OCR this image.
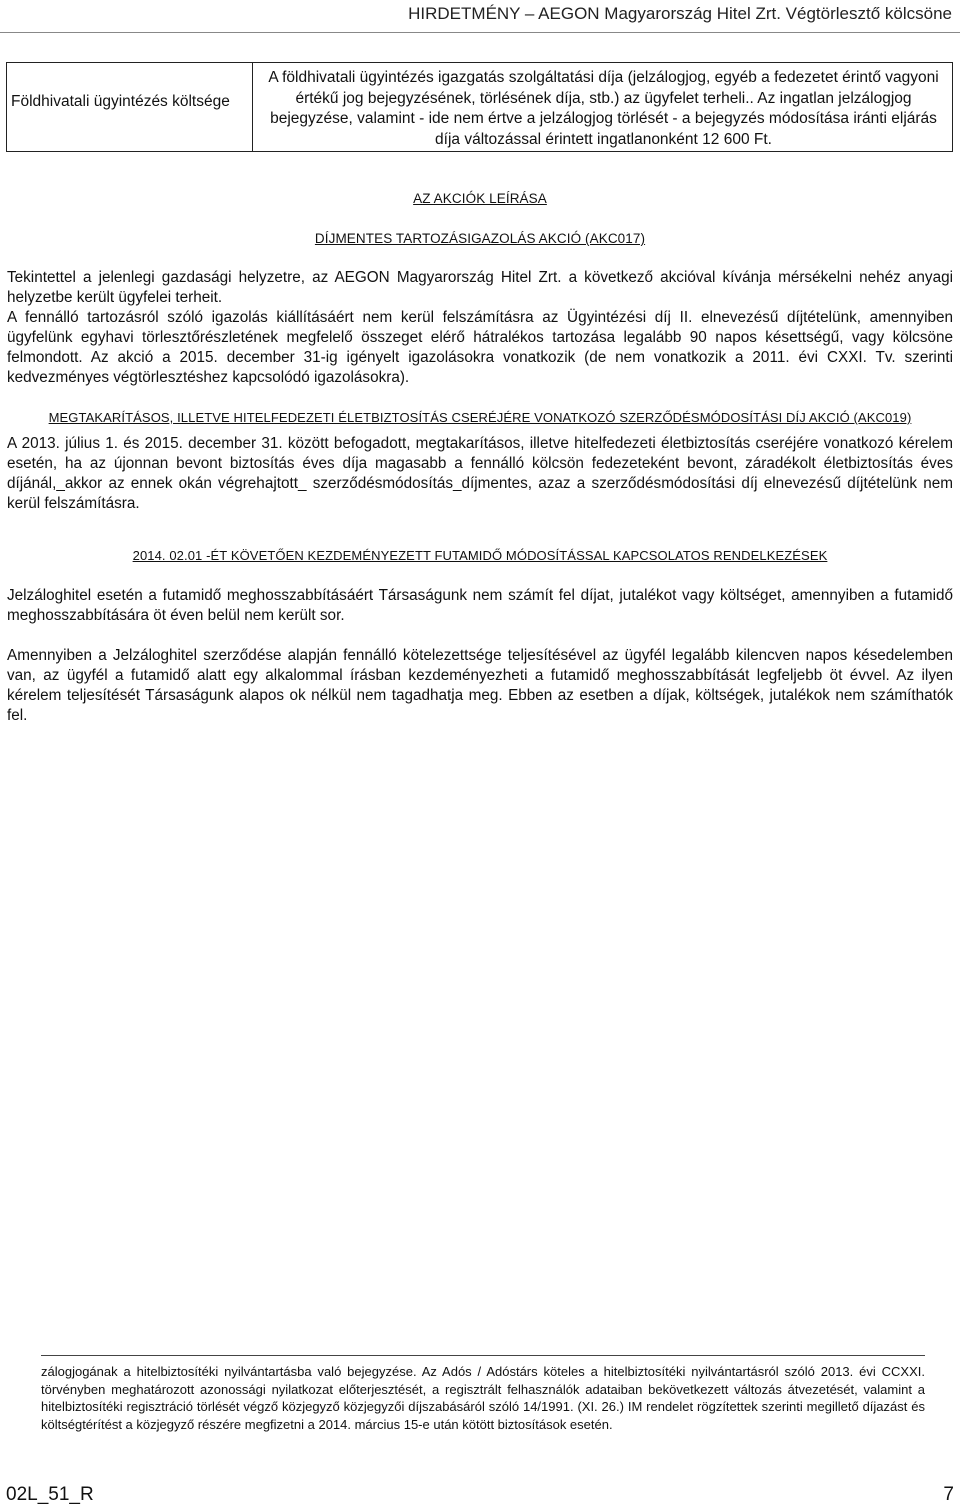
HIRDETMÉNY – AEGON Magyarország Hitel Zrt. Végtörlesztő kölcsöne
Földhivatali ügyintézés költsége
A földhivatali ügyintézés igazgatás szolgáltatási díja (jelzálogjog, egyéb a fedezetet érintő vagyoni értékű jog bejegyzésének, törlésének díja, stb.) az ügyfelet terheli.. Az ingatlan jelzálogjog bejegyzése, valamint - ide nem értve a jelzálogjog törlését - a bejegyzés módosítása iránti eljárás díja változással érintett ingatlanonként 12 600 Ft.
AZ AKCIÓK LEÍRÁSA
DÍJMENTES TARTOZÁSIGAZOLÁS AKCIÓ (AKC017)

Tekintettel a jelenlegi gazdasági helyzetre, az AEGON Magyarország Hitel Zrt. a következő akcióval kívánja mérsékelni nehéz anyagi helyzetbe került ügyfelei terheit.

A fennálló tartozásról szóló igazolás kiállításáért nem kerül felszámításra az Ügyintézési díj II. elnevezésű díjtételünk, amennyiben ügyfelünk egyhavi törlesztőrészletének megfelelő összeget elérő hátralékos tartozása legalább 90 napos késettségű, vagy kölcsöne felmondott. Az akció a 2015. december 31-ig igényelt igazolásokra vonatkozik (de nem vonatkozik a 2011. évi CXXI. Tv. szerinti kedvezményes végtörlesztéshez kapcsolódó igazolásokra).

MEGTAKARÍTÁSOS, ILLETVE HITELFEDEZETI ÉLETBIZTOSÍTÁS CSERÉJÉRE VONATKOZÓ SZERZŐDÉSMÓDOSÍTÁSI DÍJ AKCIÓ (AKC019)

A 2013. július 1. és 2015. december 31. között befogadott, megtakarításos, illetve hitelfedezeti életbiztosítás cseréjére vonatkozó kérelem esetén, ha az újonnan bevont biztosítás éves díja magasabb a fennálló kölcsön fedezeteként bevont, záradékolt életbiztosítás éves díjánál,_akkor az ennek okán végrehajtott_ szerződésmódosítás_díjmentes, azaz a szerződésmódosítási díj elnevezésű díjtételünk nem kerül felszámításra.

2014. 02.01 -ÉT KÖVETŐEN KEZDEMÉNYEZETT FUTAMIDŐ MÓDOSÍTÁSSAL KAPCSOLATOS RENDELKEZÉSEK

Jelzáloghitel esetén a futamidő meghosszabbításáért Társaságunk nem számít fel díjat, jutalékot vagy költséget, amennyiben a futamidő meghosszabbítására öt éven belül nem került sor.

Amennyiben a Jelzáloghitel szerződése alapján fennálló kötelezettsége teljesítésével az ügyfél legalább kilencven napos késedelemben van, az ügyfél a futamidő alatt egy alkalommal írásban kezdeményezheti a futamidő meghosszabbítását legfeljebb öt évvel. Az ilyen kérelem teljesítését Társaságunk alapos ok nélkül nem tagadhatja meg. Ebben az esetben a díjak, költségek, jutalékok nem számíthatók fel.

zálogjogának a hitelbiztosítéki nyilvántartásba való bejegyzése. Az Adós / Adóstárs köteles a hitelbiztosítéki nyilvántartásról szóló 2013. évi CCXXI. törvényben meghatározott azonossági nyilatkozat előterjesztését, a regisztrált felhasználók adataiban bekövetkezett változás átvezetését, valamint a hitelbiztosítéki regisztráció törlését végző közjegyző közjegyzői díjszabásáról szóló 14/1991. (XI. 26.) IM rendelet rögzítettek szerinti megillető díjazást és költségtérítést a közjegyző részére megfizetni a 2014. március 15-e után kötött biztosítások esetén.
02L_51_R	7
